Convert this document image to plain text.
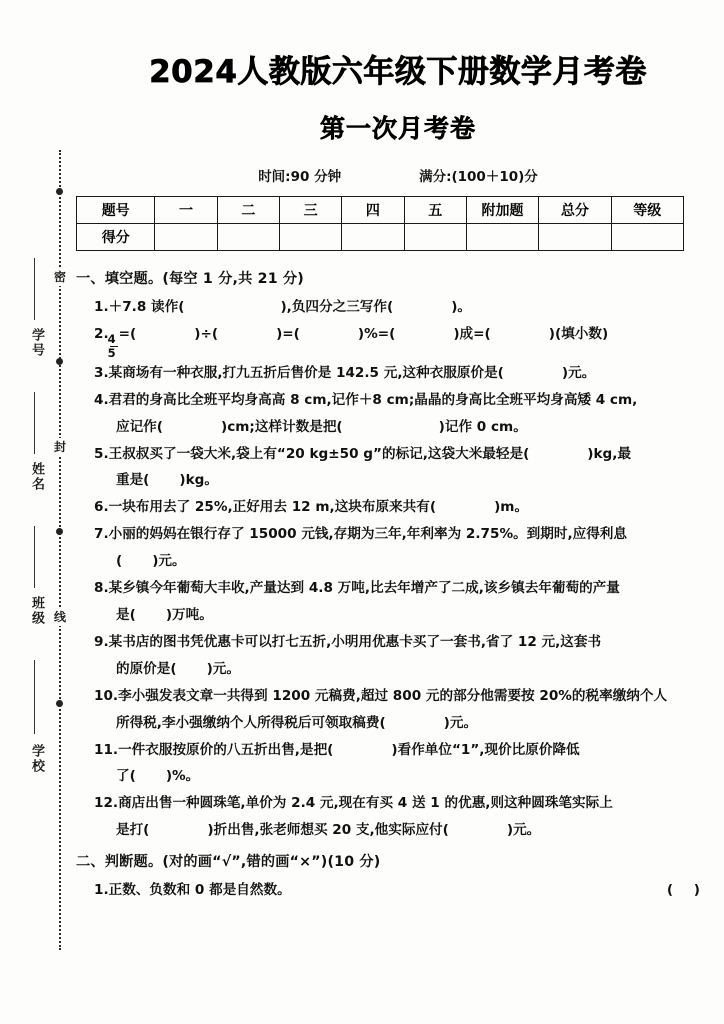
密
封
线
学号
姓名
班级
学校
2024人教版六年级下册数学月考卷
第一次月考卷
时间:90 分钟	满分:(100＋10)分
题号	一	二	三	四	五	附加题	总分	等级
得分								
一、填空题。(每空 1 分,共 21 分)
1.＋7.8 读作(	),负四分之三写作(	)。
2. $\frac{4}{5}$ =(	)÷(	)=(	)%=(	)成=(	)(填小数)
3.某商场有一种衣服,打九五折后售价是 142.5 元,这种衣服原价是(	)元。
4.君君的身高比全班平均身高高 8 cm,记作＋8 cm;晶晶的身高比全班平均身高矮 4 cm,
应记作(	)cm;这样计数是把(	)记作 0 cm。
5.王叔叔买了一袋大米,袋上有“20 kg±50 g”的标记,这袋大米最轻是(	)kg,最
重是( )kg。
6.一块布用去了 25%,正好用去 12 m,这块布原来共有(	)m。
7.小丽的妈妈在银行存了 15000 元钱,存期为三年,年利率为 2.75%。到期时,应得利息
( )元。
8.某乡镇今年葡萄大丰收,产量达到 4.8 万吨,比去年增产了二成,该乡镇去年葡萄的产量
是( )万吨。
9.某书店的图书凭优惠卡可以打七五折,小明用优惠卡买了一套书,省了 12 元,这套书
的原价是( )元。
10.李小强发表文章一共得到 1200 元稿费,超过 800 元的部分他需要按 20%的税率缴纳个人
所得税,李小强缴纳个人所得税后可领取稿费(	)元。
11.一件衣服按原价的八五折出售,是把(	)看作单位“1”,现价比原价降低
了( )%。
12.商店出售一种圆珠笔,单价为 2.4 元,现在有买 4 送 1 的优惠,则这种圆珠笔实际上
是打(	)折出售,张老师想买 20 支,他实际应付(	)元。
二、判断题。(对的画“√”,错的画“×”)(10 分)
( )
1.正数、负数和 0 都是自然数。
